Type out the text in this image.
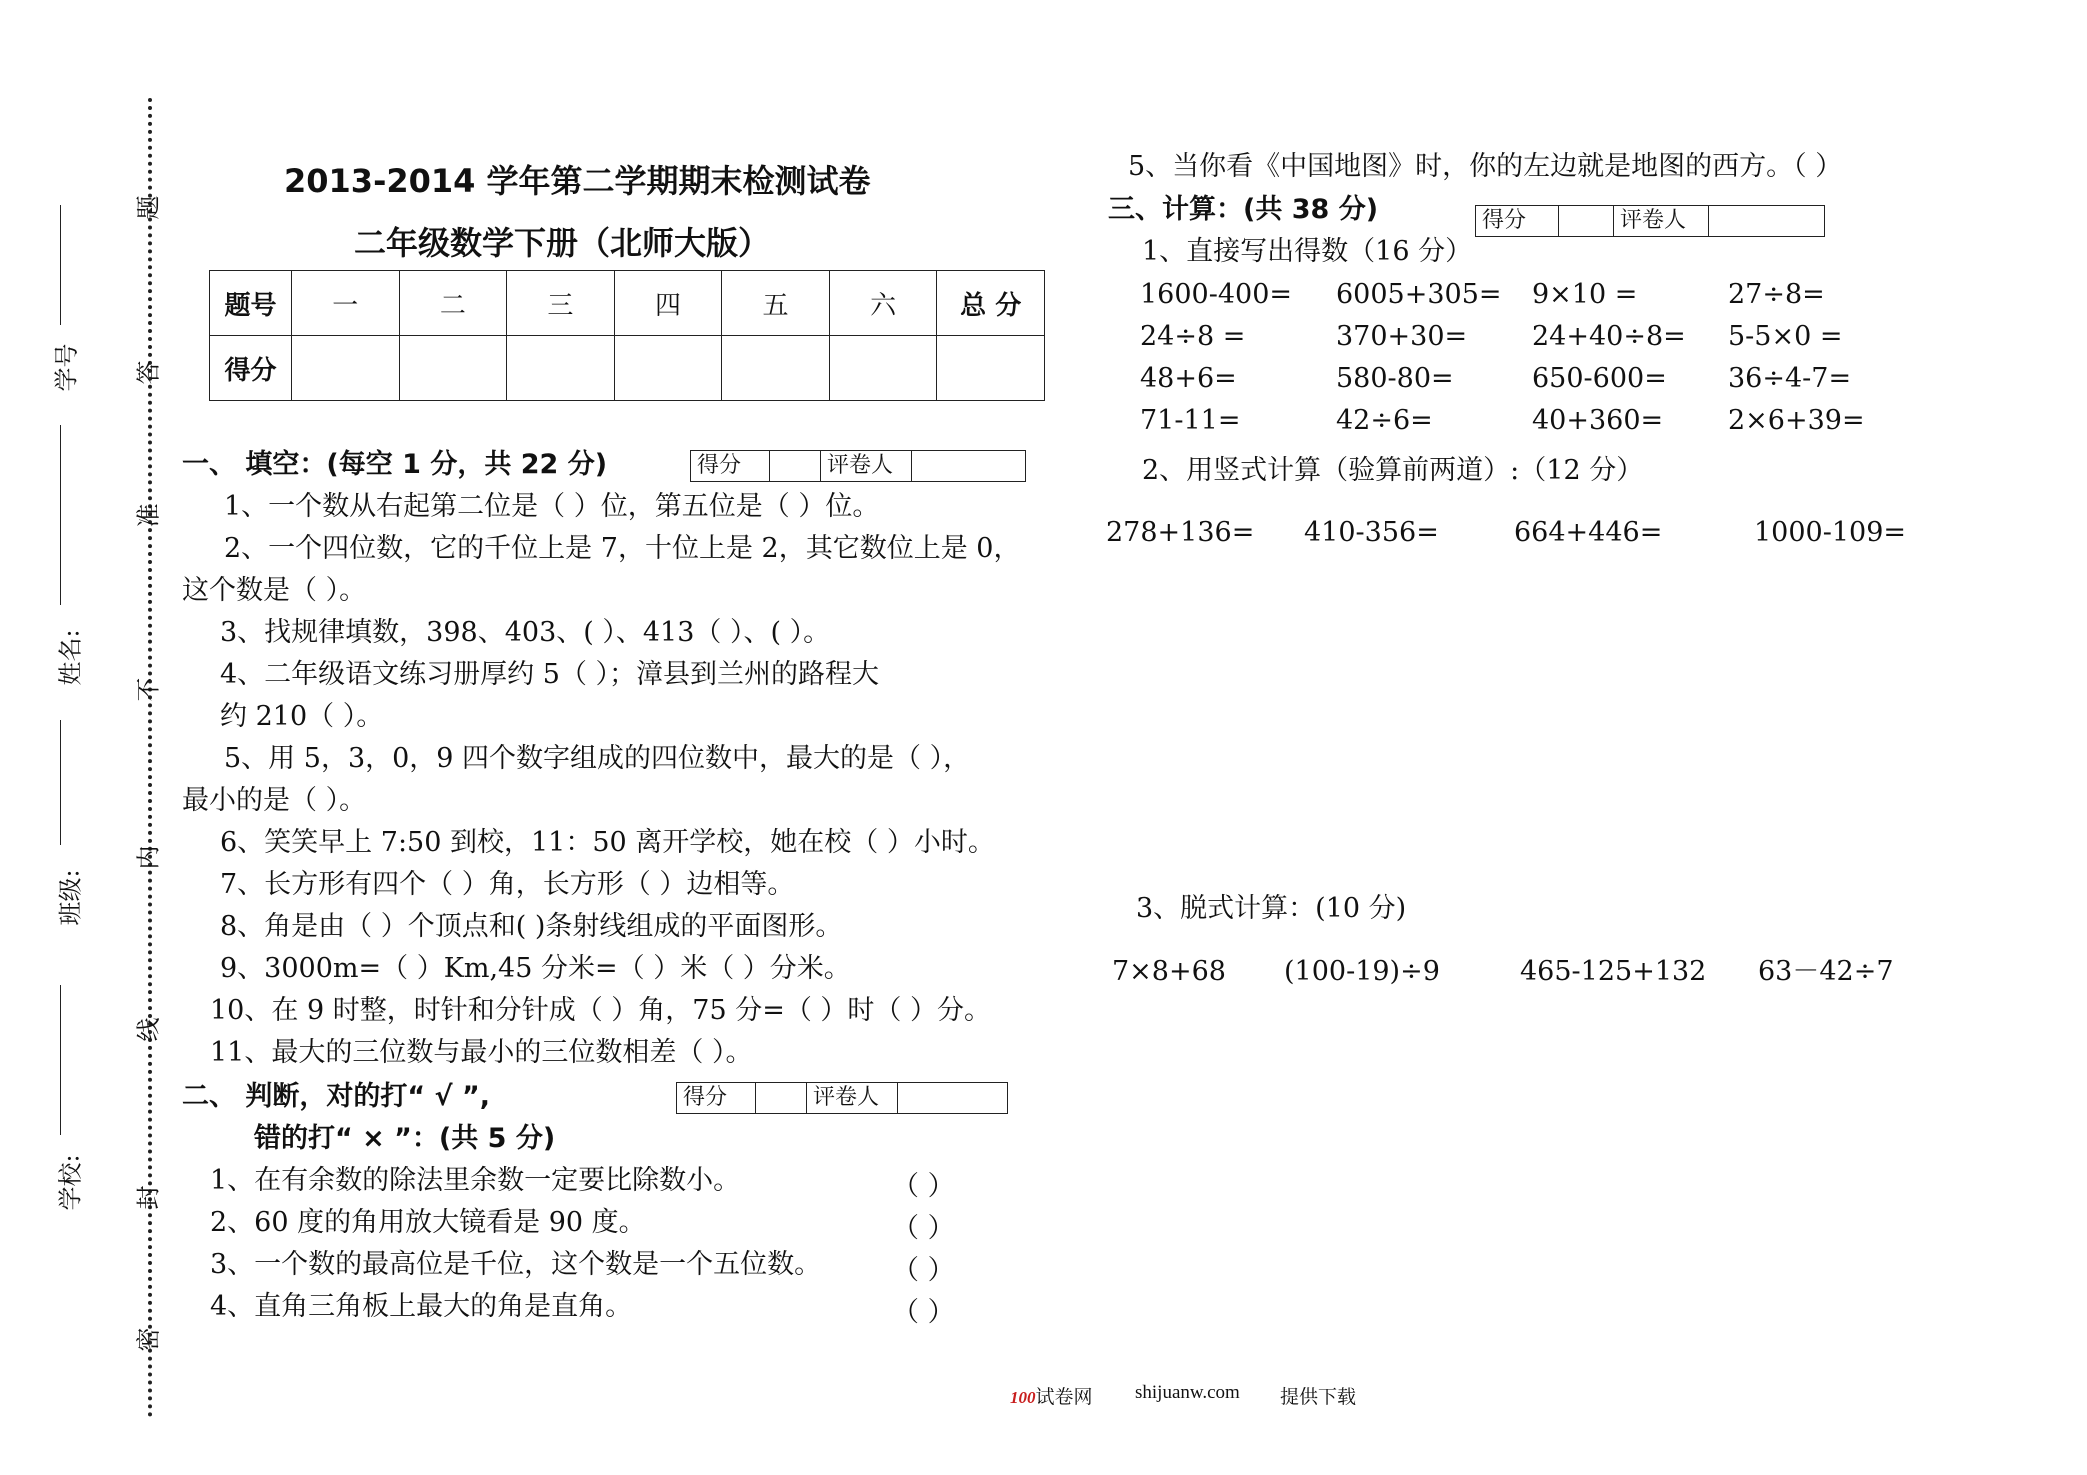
题
答
准
不
内
线
封
密
学号
姓名:
班级:
学校:
2013-2014 学年第二学期期末检测试卷
二年级数学下册（北师大版）
题号	一	二	三	四	五	六	总 分
得分							
一、 填空：(每空 1 分，共 22 分)	得分	评卷人
1、一个数从右起第二位是（ ）位，第五位是（ ）位。
2、一个四位数，它的千位上是 7，十位上是 2，其它数位上是 0，
这个数是（ ）。
3、找规律填数，398、403、( ）、413（ ）、( ）。
4、二年级语文练习册厚约 5（ ）；漳县到兰州的路程大
约 210（ ）。
5、用 5，3，0，9 四个数字组成的四位数中，最大的是（ ），
最小的是（ ）。
6、笑笑早上 7:50 到校，11：50 离开学校，她在校（ ）小时。
7、长方形有四个（ ）角，长方形（ ）边相等。
8、角是由（ ）个顶点和( )条射线组成的平面图形。
9、3000m=（ ）Km,45 分米=（ ）米（ ）分米。
10、在 9 时整，时针和分针成（ ）角，75 分=（ ）时（ ）分。
11、最大的三位数与最小的三位数相差（ ）。
二、 判断，对的打“ √ ”,
错的打“ × ”：(共 5 分)
得分	评卷人
1、在有余数的除法里余数一定要比除数小。	（ ）
2、60 度的角用放大镜看是 90 度。	（ ）
3、一个数的最高位是千位，这个数是一个五位数。	（ ）
4、直角三角板上最大的角是直角。	（ ）
5、当你看《中国地图》时，你的左边就是地图的西方。（ ）
三、计算：(共 38 分)	得分	评卷人
1、直接写出得数（16 分）
1600-400= 6005+305= 9×10 =	27÷8=
24÷8 =	370+30= 24+40÷8= 5-5×0 =
48+6=	580-80=	650-600= 36÷4-7=
71-11=	42÷6=	40+360= 2×6+39=
2、用竖式计算（验算前两道）:（12 分）
278+136= 410-356=	664+446=	1000-109=
3、脱式计算：(10 分)
7×8+68 (100-19)÷9	465-125+132 63－42÷7
100试卷网 shijuanw.com 提供下载
